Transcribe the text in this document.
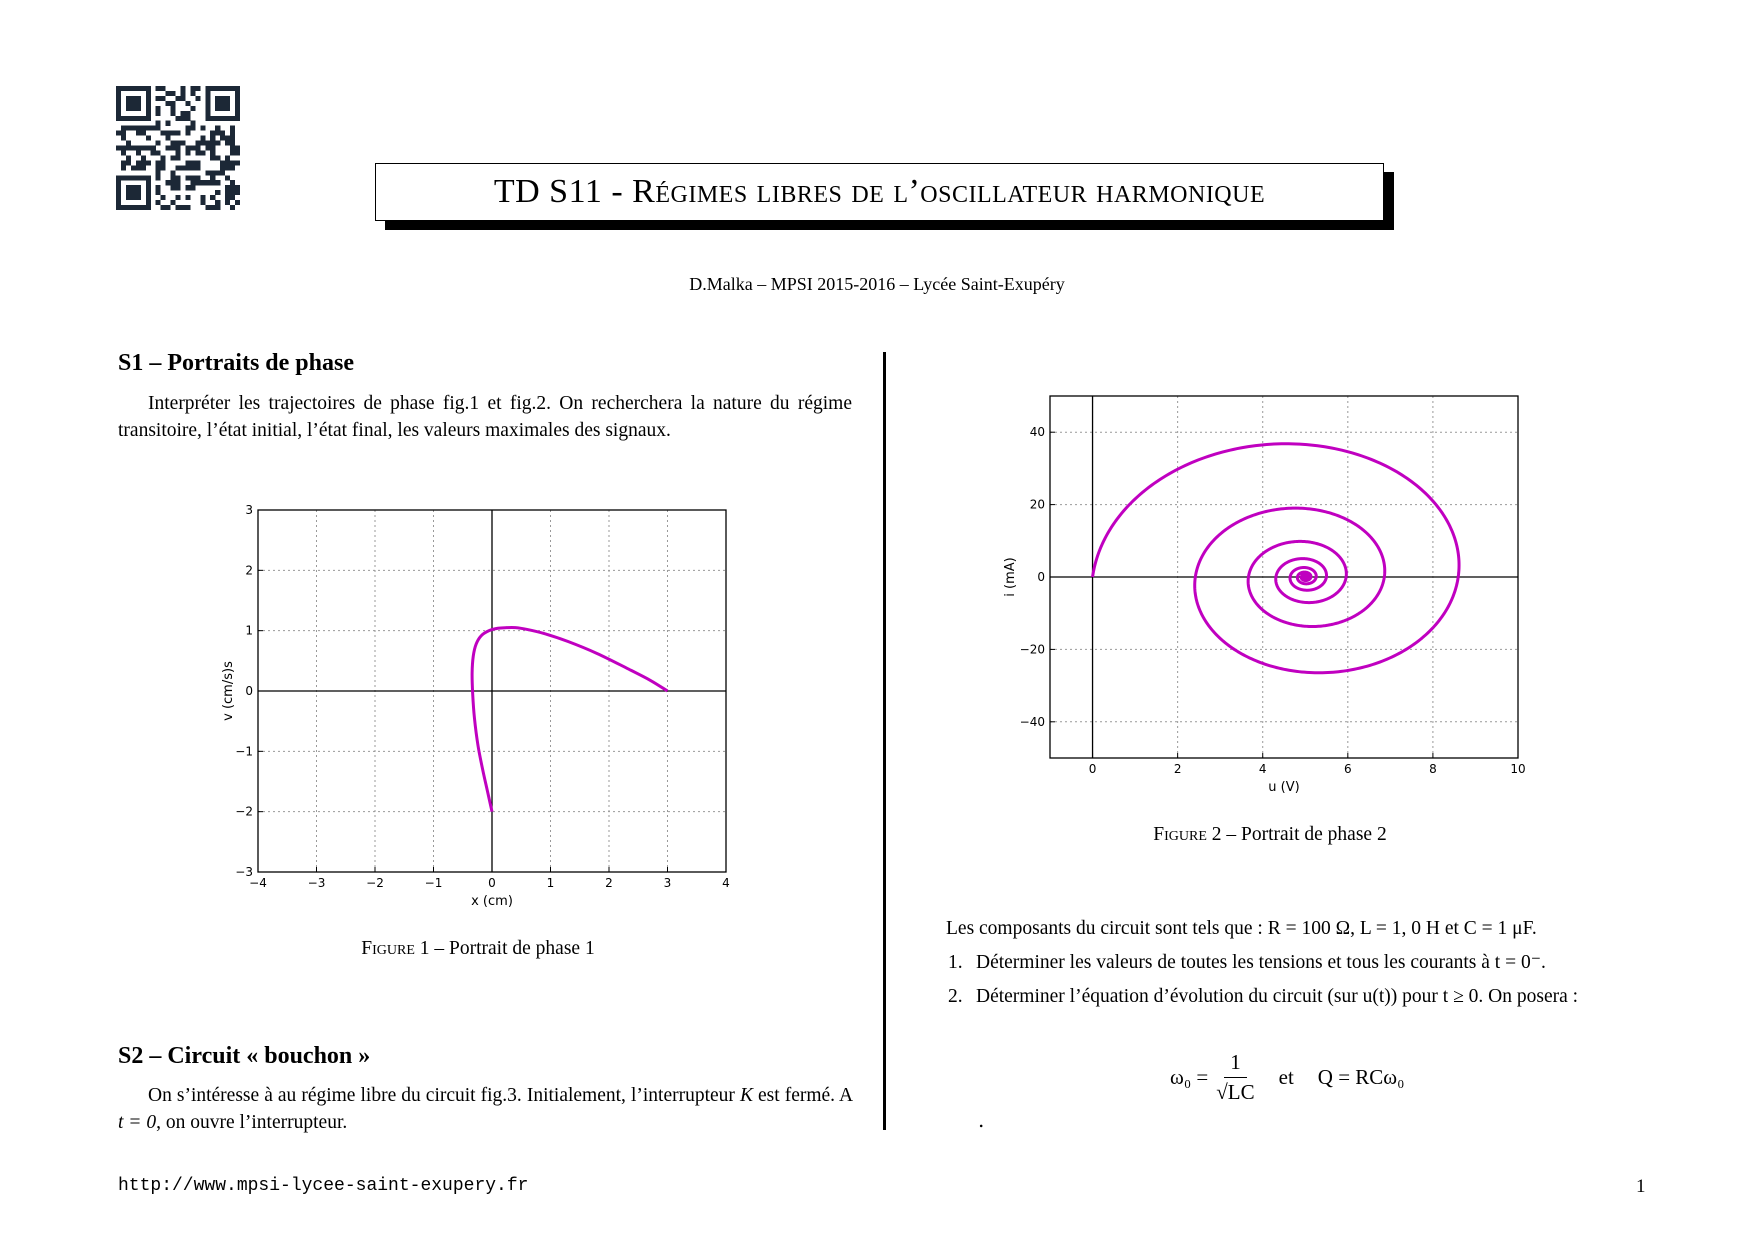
TD S11 - Régimes libres de l’oscillateur harmonique
D.Malka – MPSI 2015-2016 – Lycée Saint-Exupéry
S1 – Portraits de phase
Interpréter les trajectoires de phase fig.1 et fig.2. On recherchera la nature du régime transitoire, l’état initial, l’état final, les valeurs maximales des signaux.
−4	−3	−2	−1	0	1	2	3	4
−3
−2
−1
0
1
2
3
x (cm)
v (cm/s)s
Figure 1 – Portrait de phase 1
S2 – Circuit « bouchon »
On s’intéresse à au régime libre du circuit fig.3. Initialement, l’interrupteur K est fermé. A t = 0, on ouvre l’interrupteur.
0	2	4	6	8	10
−40
−20
0
20
40
u (V)
i (mA)
Figure 2 – Portrait de phase 2
Les composants du circuit sont tels que : R = 100 Ω, L = 1, 0 H et C = 1 μF.
1. Déterminer les valeurs de toutes les tensions et tous les courants à t = 0⁻.
2. Déterminer l’équation d’évolution du circuit (sur u(t)) pour t ≥ 0. On posera :
$\omega_0 = \frac{1}{√LC}$ et Q = RCω₀
.
http://www.mpsi-lycee-saint-exupery.fr	1
